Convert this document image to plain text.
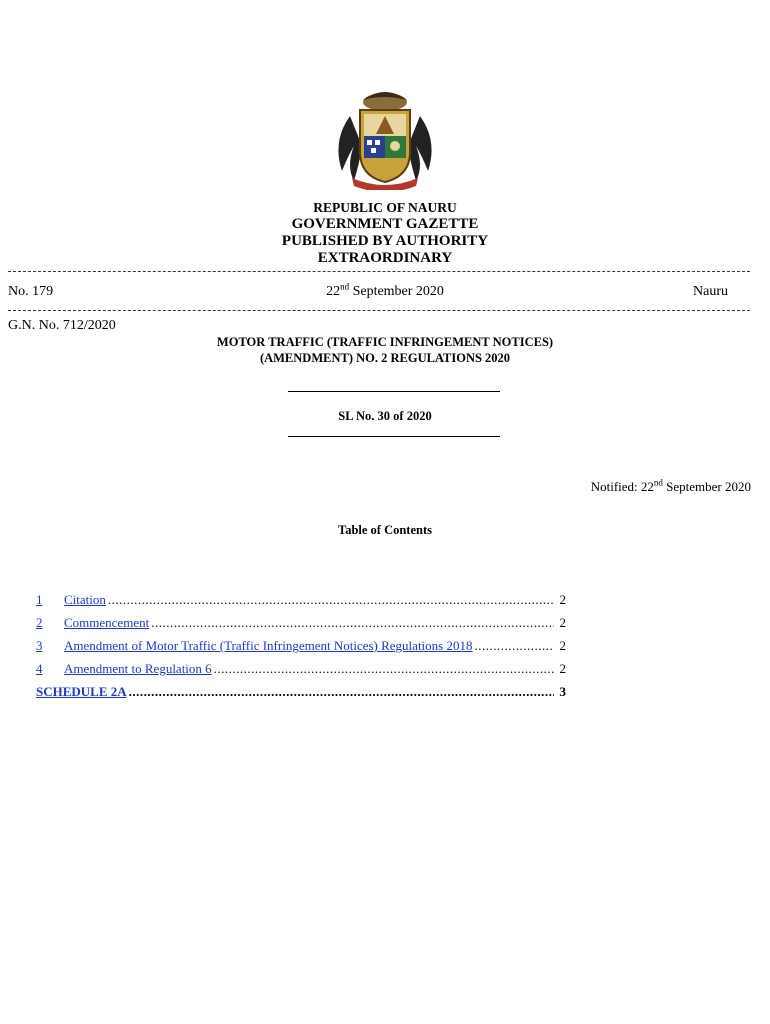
REPUBLIC OF NAURU
GOVERNMENT GAZETTE
PUBLISHED BY AUTHORITY
EXTRAORDINARY
No. 179	22nd September 2020	Nauru
G.N. No. 712/2020
MOTOR TRAFFIC (TRAFFIC INFRINGEMENT NOTICES)
(AMENDMENT) NO. 2 REGULATIONS 2020
SL No. 30 of 2020
Notified: 22nd September 2020
Table of Contents
1	Citation .....	2
2	Commencement .....	2
3	Amendment of Motor Traffic (Traffic Infringement Notices) Regulations 2018 .....	2
4	Amendment to Regulation 6 .....	2
SCHEDULE 2A .....	3
